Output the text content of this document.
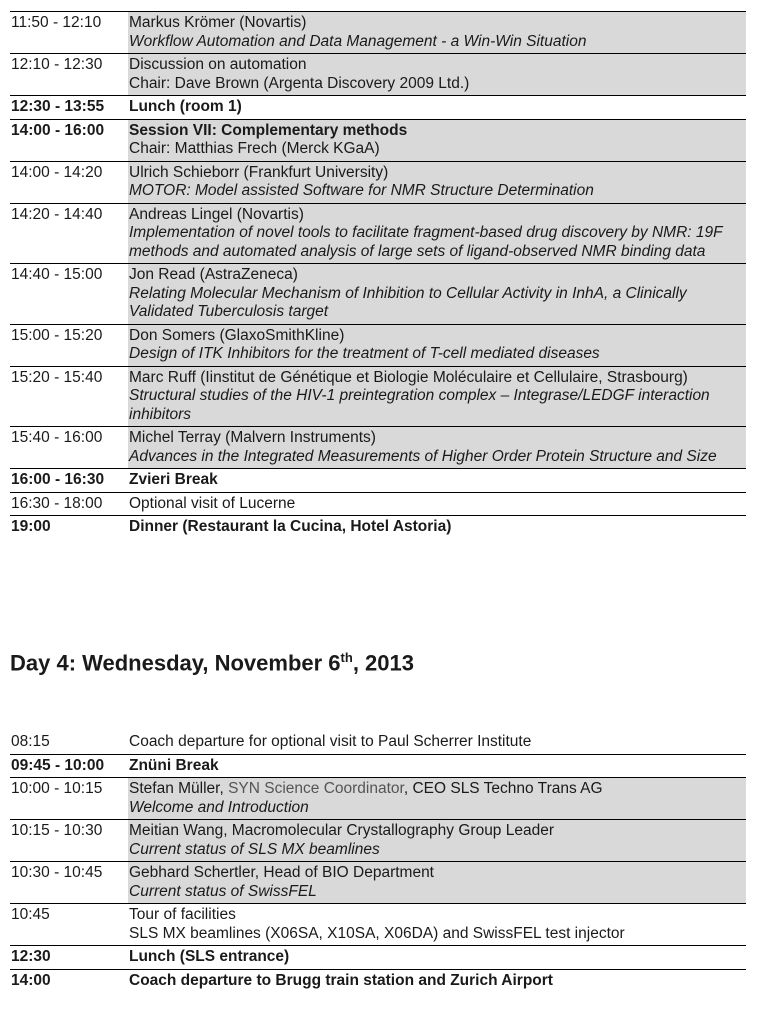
11:50 - 12:10	Markus Krömer (Novartis)
Workflow Automation and Data Management - a Win-Win Situation
12:10 - 12:30	Discussion on automation
Chair: Dave Brown (Argenta Discovery 2009 Ltd.)
12:30 - 13:55	Lunch (room 1)
14:00 - 16:00	Session VII: Complementary methods
Chair: Matthias Frech (Merck KGaA)
14:00 - 14:20	Ulrich Schieborr (Frankfurt University)
MOTOR: Model assisted Software for NMR Structure Determination
14:20 - 14:40	Andreas Lingel (Novartis)
Implementation of novel tools to facilitate fragment-based drug discovery by NMR: 19F methods and automated analysis of large sets of ligand-observed NMR binding data
14:40 - 15:00	Jon Read (AstraZeneca)
Relating Molecular Mechanism of Inhibition to Cellular Activity in InhA, a Clinically Validated Tuberculosis target
15:00 - 15:20	Don Somers (GlaxoSmithKline)
Design of ITK Inhibitors for the treatment of T-cell mediated diseases
15:20 - 15:40	Marc Ruff (Iinstitut de Génétique et Biologie Moléculaire et Cellulaire, Strasbourg)
Structural studies of the HIV-1 preintegration complex – Integrase/LEDGF interaction inhibitors
15:40 - 16:00	Michel Terray (Malvern Instruments)
Advances in the Integrated Measurements of Higher Order Protein Structure and Size
16:00 - 16:30	Zvieri Break
16:30 - 18:00	Optional visit of Lucerne
19:00	Dinner (Restaurant la Cucina, Hotel Astoria)
Day 4: Wednesday, November 6th, 2013
08:15	Coach departure for optional visit to Paul Scherrer Institute
09:45 - 10:00	Znüni Break
10:00 - 10:15	Stefan Müller, SYN Science Coordinator, CEO SLS Techno Trans AG
Welcome and Introduction
10:15 - 10:30	Meitian Wang, Macromolecular Crystallography Group Leader
Current status of SLS MX beamlines
10:30 - 10:45	Gebhard Schertler, Head of BIO Department
Current status of SwissFEL
10:45	Tour of facilities
SLS MX beamlines (X06SA, X10SA, X06DA) and SwissFEL test injector
12:30	Lunch (SLS entrance)
14:00	Coach departure to Brugg train station and Zurich Airport
